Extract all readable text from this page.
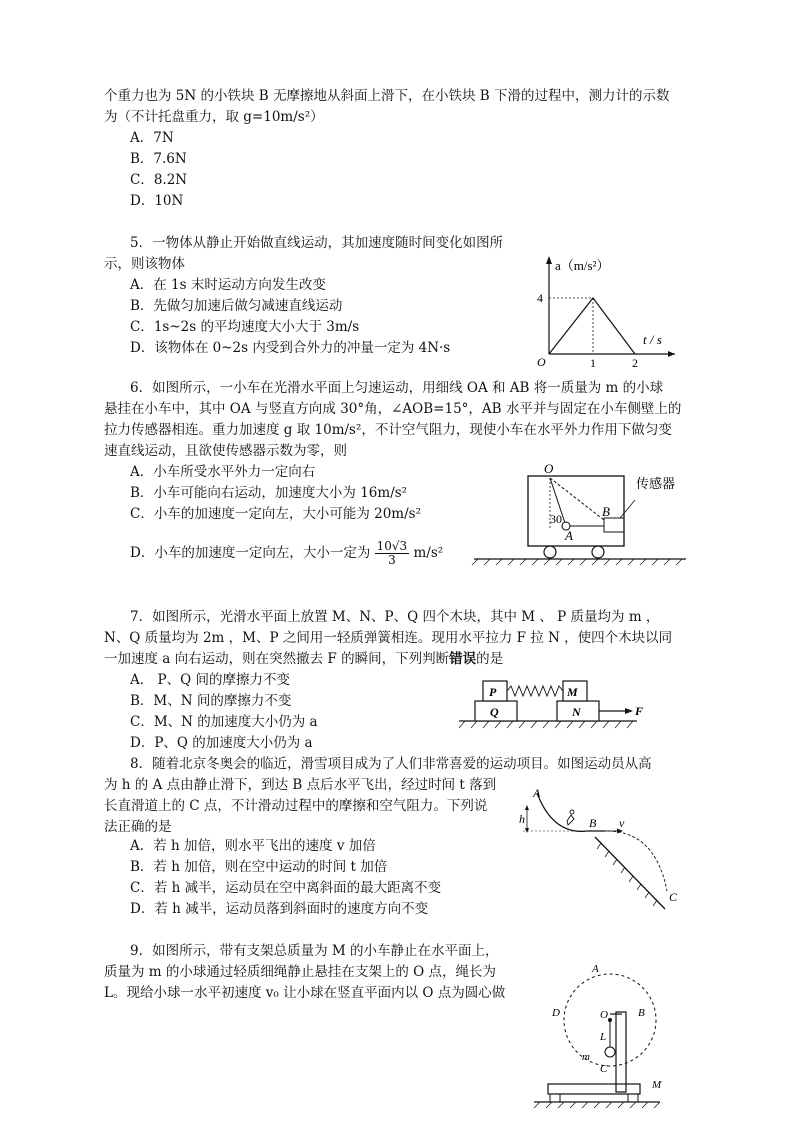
个重力也为 5N 的小铁块 B 无摩擦地从斜面上滑下，在小铁块 B 下滑的过程中，测力计的示数
为（不计托盘重力，取 g=10m/s²）
A．7N
B．7.6N
C．8.2N
D．10N
5．一物体从静止开始做直线运动，其加速度随时间变化如图所
示，则该物体
A．在 1s 末时运动方向发生改变
B．先做匀加速后做匀减速直线运动
C．1s~2s 的平均速度大小大于 3m/s
D．该物体在 0~2s 内受到合外力的冲量一定为 4N·s
a（m/s²）
t / s
4
1	2
O
6．如图所示，一小车在光滑水平面上匀速运动，用细线 OA 和 AB 将一质量为 m 的小球
悬挂在小车中，其中 OA 与竖直方向成 30°角，∠AOB=15°，AB 水平并与固定在小车侧壁上的
拉力传感器相连。重力加速度 g 取 10m/s²，不计空气阻力，现使小车在水平外力作用下做匀变
速直线运动，且欲使传感器示数为零，则
A．小车所受水平外力一定向右
B．小车可能向右运动，加速度大小为 16m/s²
C．小车的加速度一定向左，大小可能为 20m/s²
D．小车的加速度一定向左，大小一定为 $\frac{10√3}{3} m/s^2$
传感器
O
30
A
B
7．如图所示，光滑水平面上放置 M、N、P、Q 四个木块，其中 M 、 P 质量均为 m ，
N、Q 质量均为 2m ，M、P 之间用一轻质弹簧相连。现用水平拉力 F 拉 N ，使四个木块以同
一加速度 a 向右运动，则在突然撤去 F 的瞬间，下列判断错误的是
A． P、Q 间的摩擦力不变
B．M、N 间的摩擦力不变
C．M、N 的加速度大小仍为 a
D．P、Q 的加速度大小仍为 a
P
Q
M
N	F
8．随着北京冬奥会的临近，滑雪项目成为了人们非常喜爱的运动项目。如图运动员从高
为 h 的 A 点由静止滑下，到达 B 点后水平飞出，经过时间 t 落到
长直滑道上的 C 点，不计滑动过程中的摩擦和空气阻力。下列说
法正确的是
A．若 h 加倍，则水平飞出的速度 v 加倍
B．若 h 加倍，则在空中运动的时间 t 加倍
C．若 h 减半，运动员在空中离斜面的最大距离不变
D．若 h 减半，运动员落到斜面时的速度方向不变
A
h	B v
C
9．如图所示，带有支架总质量为 M 的小车静止在水平面上，
质量为 m 的小球通过轻质细绳静止悬挂在支架上的 O 点，绳长为
L。现给小球一水平初速度 v₀ 让小球在竖直平面内以 O 点为圆心做
A
B
C
D	O
L
m
M
